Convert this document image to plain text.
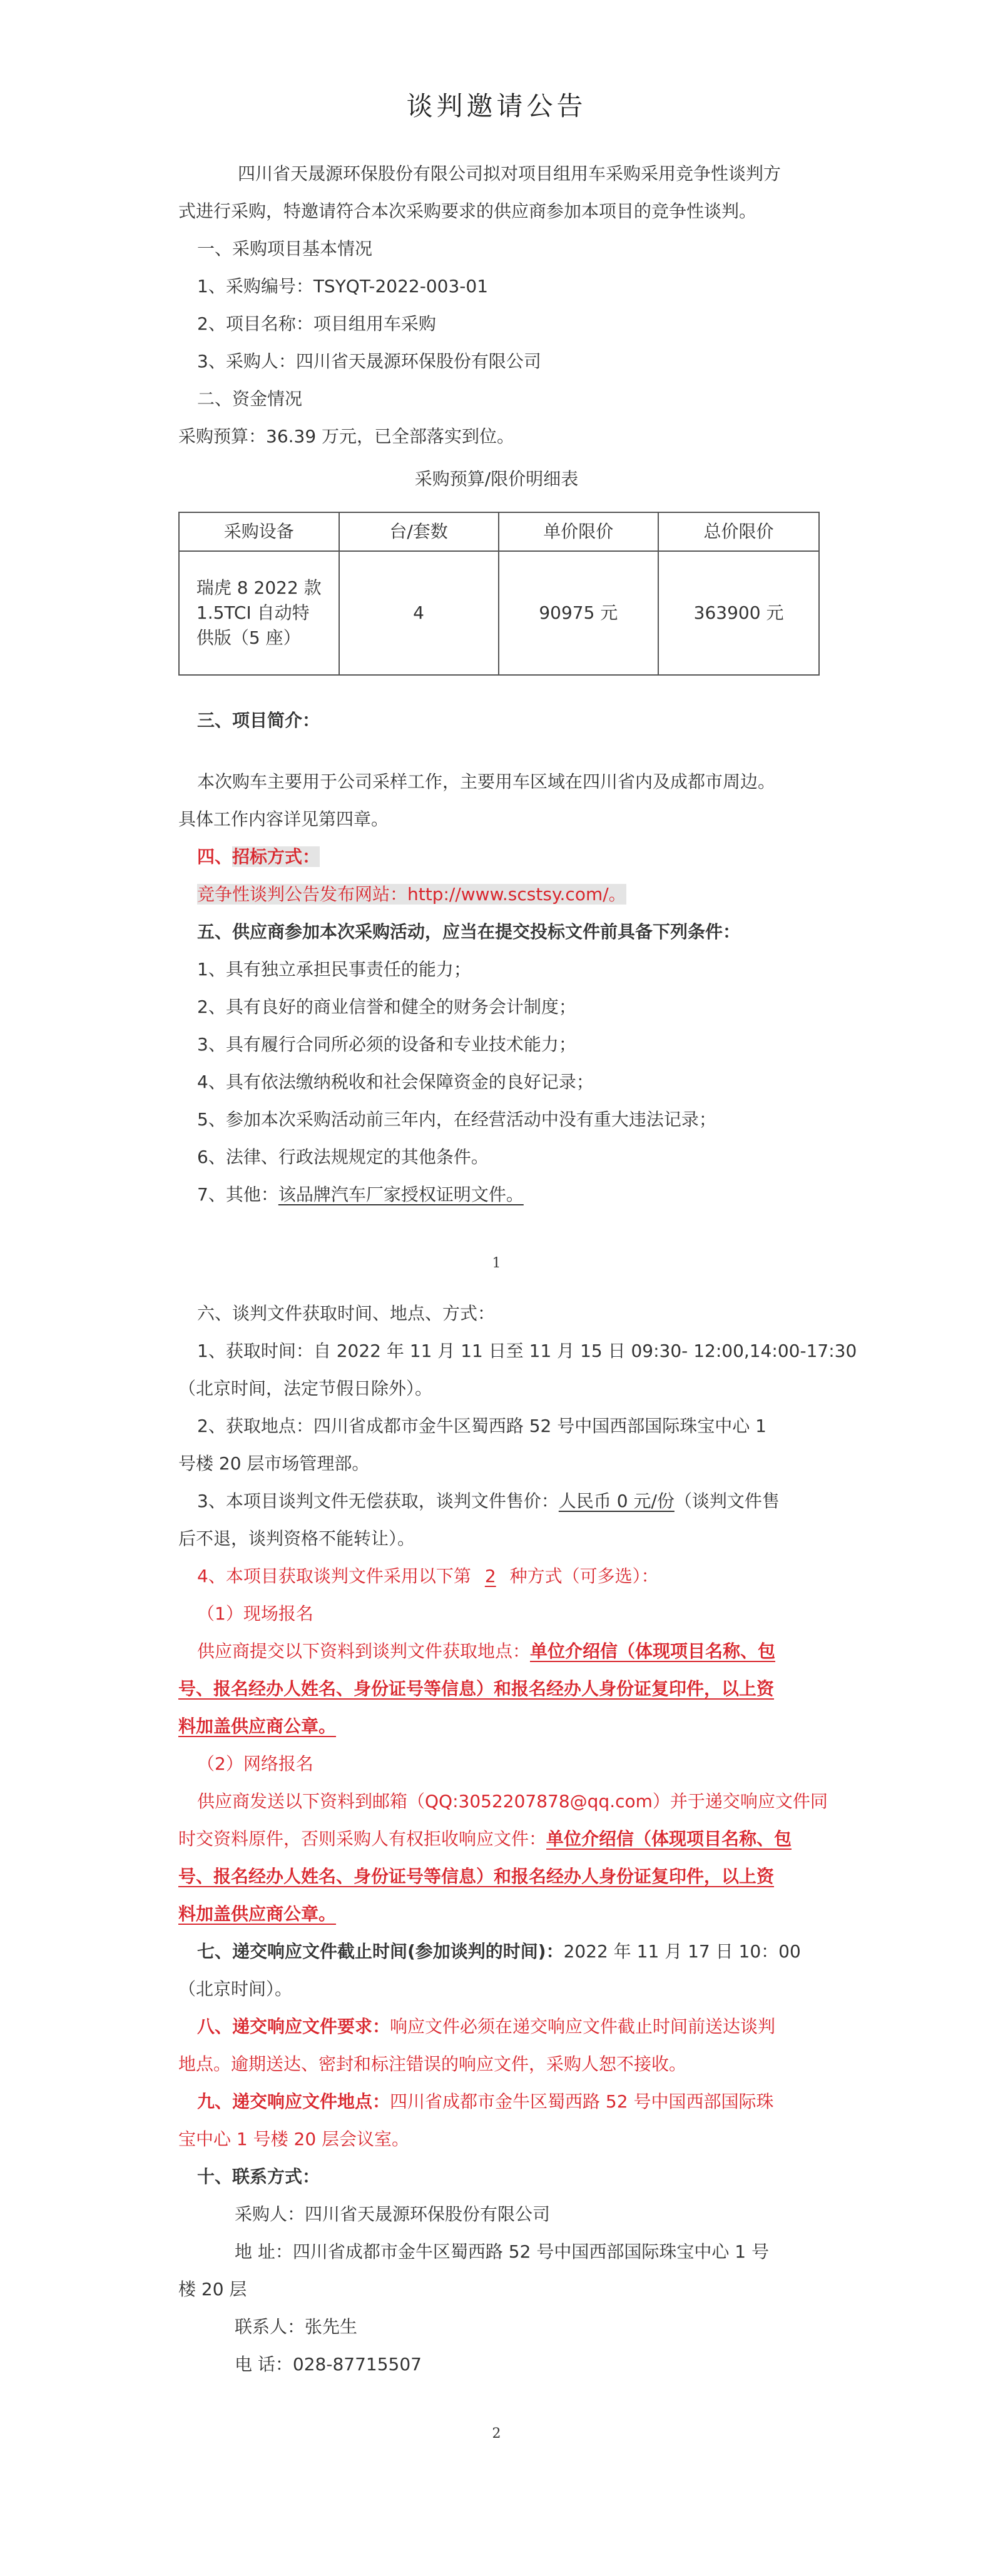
谈判邀请公告
四川省天晟源环保股份有限公司拟对项目组用车采购采用竞争性谈判方
式进行采购，特邀请符合本次采购要求的供应商参加本项目的竞争性谈判。
一、采购项目基本情况
1、采购编号：TSYQT-2022-003-01
2、项目名称：项目组用车采购
3、采购人：四川省天晟源环保股份有限公司
二、资金情况
采购预算：36.39 万元，已全部落实到位。
采购预算/限价明细表
采购设备	台/套数	单价限价	总价限价
瑞虎 8 2022 款
1.5TCI 自动特
供版（5 座）	4	90975 元	363900 元
三、项目简介：
本次购车主要用于公司采样工作，主要用车区域在四川省内及成都市周边。
具体工作内容详见第四章。
四、招标方式：
竞争性谈判公告发布网站：http://www.scstsy.com/。
五、供应商参加本次采购活动，应当在提交投标文件前具备下列条件：
1、具有独立承担民事责任的能力；
2、具有良好的商业信誉和健全的财务会计制度；
3、具有履行合同所必须的设备和专业技术能力；
4、具有依法缴纳税收和社会保障资金的良好记录；
5、参加本次采购活动前三年内，在经营活动中没有重大违法记录；
6、法律、行政法规规定的其他条件。
7、其他：该品牌汽车厂家授权证明文件。
1
六、谈判文件获取时间、地点、方式：
1、获取时间：自 2022 年 11 月 11 日至 11 月 15 日 09:30- 12:00,14:00-17:30
（北京时间，法定节假日除外）。
2、获取地点：四川省成都市金牛区蜀西路 52 号中国西部国际珠宝中心 1
号楼 20 层市场管理部。
3、本项目谈判文件无偿获取，谈判文件售价：人民币 0 元/份（谈判文件售
后不退，谈判资格不能转让）。
4、本项目获取谈判文件采用以下第 2 种方式（可多选）：
（1）现场报名
供应商提交以下资料到谈判文件获取地点：单位介绍信（体现项目名称、包
号、报名经办人姓名、身份证号等信息）和报名经办人身份证复印件，以上资
料加盖供应商公章。
（2）网络报名
供应商发送以下资料到邮箱（QQ:3052207878@qq.com）并于递交响应文件同
时交资料原件，否则采购人有权拒收响应文件：单位介绍信（体现项目名称、包
号、报名经办人姓名、身份证号等信息）和报名经办人身份证复印件，以上资
料加盖供应商公章。
七、递交响应文件截止时间(参加谈判的时间)：2022 年 11 月 17 日 10：00
（北京时间）。
八、递交响应文件要求：响应文件必须在递交响应文件截止时间前送达谈判
地点。逾期送达、密封和标注错误的响应文件，采购人恕不接收。
九、递交响应文件地点：四川省成都市金牛区蜀西路 52 号中国西部国际珠
宝中心 1 号楼 20 层会议室。
十、联系方式：
采购人：四川省天晟源环保股份有限公司
地 址：四川省成都市金牛区蜀西路 52 号中国西部国际珠宝中心 1 号
楼 20 层
联系人：张先生
电 话：028-87715507
2
